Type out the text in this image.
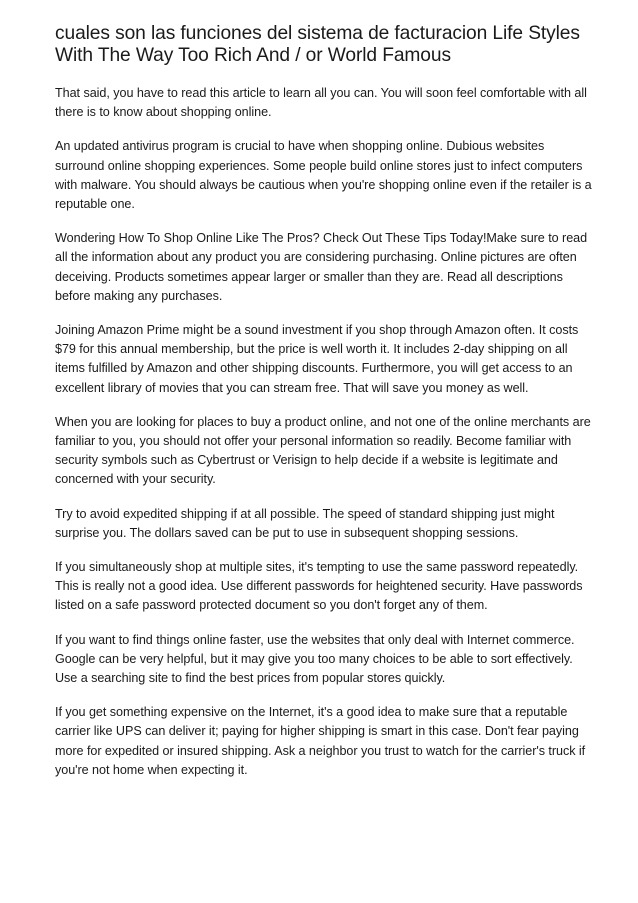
cuales son las funciones del sistema de facturacion Life Styles With The Way Too Rich And / or World Famous

That said, you have to read this article to learn all you can. You will soon feel comfortable with all there is to know about shopping online.

An updated antivirus program is crucial to have when shopping online. Dubious websites surround online shopping experiences. Some people build online stores just to infect computers with malware. You should always be cautious when you're shopping online even if the retailer is a reputable one.

Wondering How To Shop Online Like The Pros? Check Out These Tips Today!Make sure to read all the information about any product you are considering purchasing. Online pictures are often deceiving. Products sometimes appear larger or smaller than they are. Read all descriptions before making any purchases.

Joining Amazon Prime might be a sound investment if you shop through Amazon often. It costs $79 for this annual membership, but the price is well worth it. It includes 2-day shipping on all items fulfilled by Amazon and other shipping discounts. Furthermore, you will get access to an excellent library of movies that you can stream free. That will save you money as well.

When you are looking for places to buy a product online, and not one of the online merchants are familiar to you, you should not offer your personal information so readily. Become familiar with security symbols such as Cybertrust or Verisign to help decide if a website is legitimate and concerned with your security.

Try to avoid expedited shipping if at all possible. The speed of standard shipping just might surprise you. The dollars saved can be put to use in subsequent shopping sessions.

If you simultaneously shop at multiple sites, it's tempting to use the same password repeatedly. This is really not a good idea. Use different passwords for heightened security. Have passwords listed on a safe password protected document so you don't forget any of them.

If you want to find things online faster, use the websites that only deal with Internet commerce. Google can be very helpful, but it may give you too many choices to be able to sort effectively. Use a searching site to find the best prices from popular stores quickly.

If you get something expensive on the Internet, it's a good idea to make sure that a reputable carrier like UPS can deliver it; paying for higher shipping is smart in this case. Don't fear paying more for expedited or insured shipping. Ask a neighbor you trust to watch for the carrier's truck if you're not home when expecting it.
